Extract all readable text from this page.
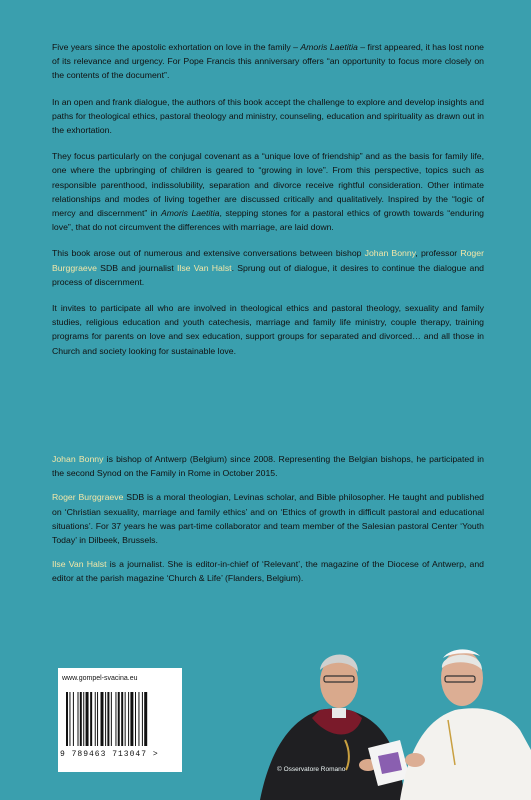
Five years since the apostolic exhortation on love in the family – Amoris Laetitia – first appeared, it has lost none of its relevance and urgency. For Pope Francis this anniversary offers “an opportunity to focus more closely on the contents of the document”.

In an open and frank dialogue, the authors of this book accept the challenge to explore and develop insights and paths for theological ethics, pastoral theology and ministry, counseling, education and spirituality as drawn out in the exhortation.

They focus particularly on the conjugal covenant as a “unique love of friendship” and as the basis for family life, one where the upbringing of children is geared to “growing in love”. From this perspective, topics such as responsible parenthood, indissolubility, separation and divorce receive rightful consideration. Other intimate relationships and modes of living together are discussed critically and qualitatively. Inspired by the “logic of mercy and discernment” in Amoris Laetitia, stepping stones for a pastoral ethics of growth towards “enduring love”, that do not circumvent the differences with marriage, are laid down.

This book arose out of numerous and extensive conversations between bishop Johan Bonny, professor Roger Burggraeve SDB and journalist Ilse Van Halst. Sprung out of dialogue, it desires to continue the dialogue and process of discernment.

It invites to participate all who are involved in theological ethics and pastoral theology, sexuality and family studies, religious education and youth catechesis, marriage and family life ministry, couple therapy, training programs for parents on love and sex education, support groups for separated and divorced… and all those in Church and society looking for sustainable love.

Johan Bonny is bishop of Antwerp (Belgium) since 2008. Representing the Belgian bishops, he participated in the second Synod on the Family in Rome in October 2015.

Roger Burggraeve SDB is a moral theologian, Levinas scholar, and Bible philosopher. He taught and published on ‘Christian sexuality, marriage and family ethics’ and on ‘Ethics of growth in difficult pastoral and educational situations’. For 37 years he was part-time collaborator and team member of the Salesian pastoral Center ‘Youth Today’ in Dilbeek, Brussels.

Ilse Van Halst is a journalist. She is editor-in-chief of ‘Relevant’, the magazine of the Diocese of Antwerp, and editor at the parish magazine ‘Church & Life’ (Flanders, Belgium).

www.gompel-svacina.eu
9 789463 713047 >
© Osservatore Romano
